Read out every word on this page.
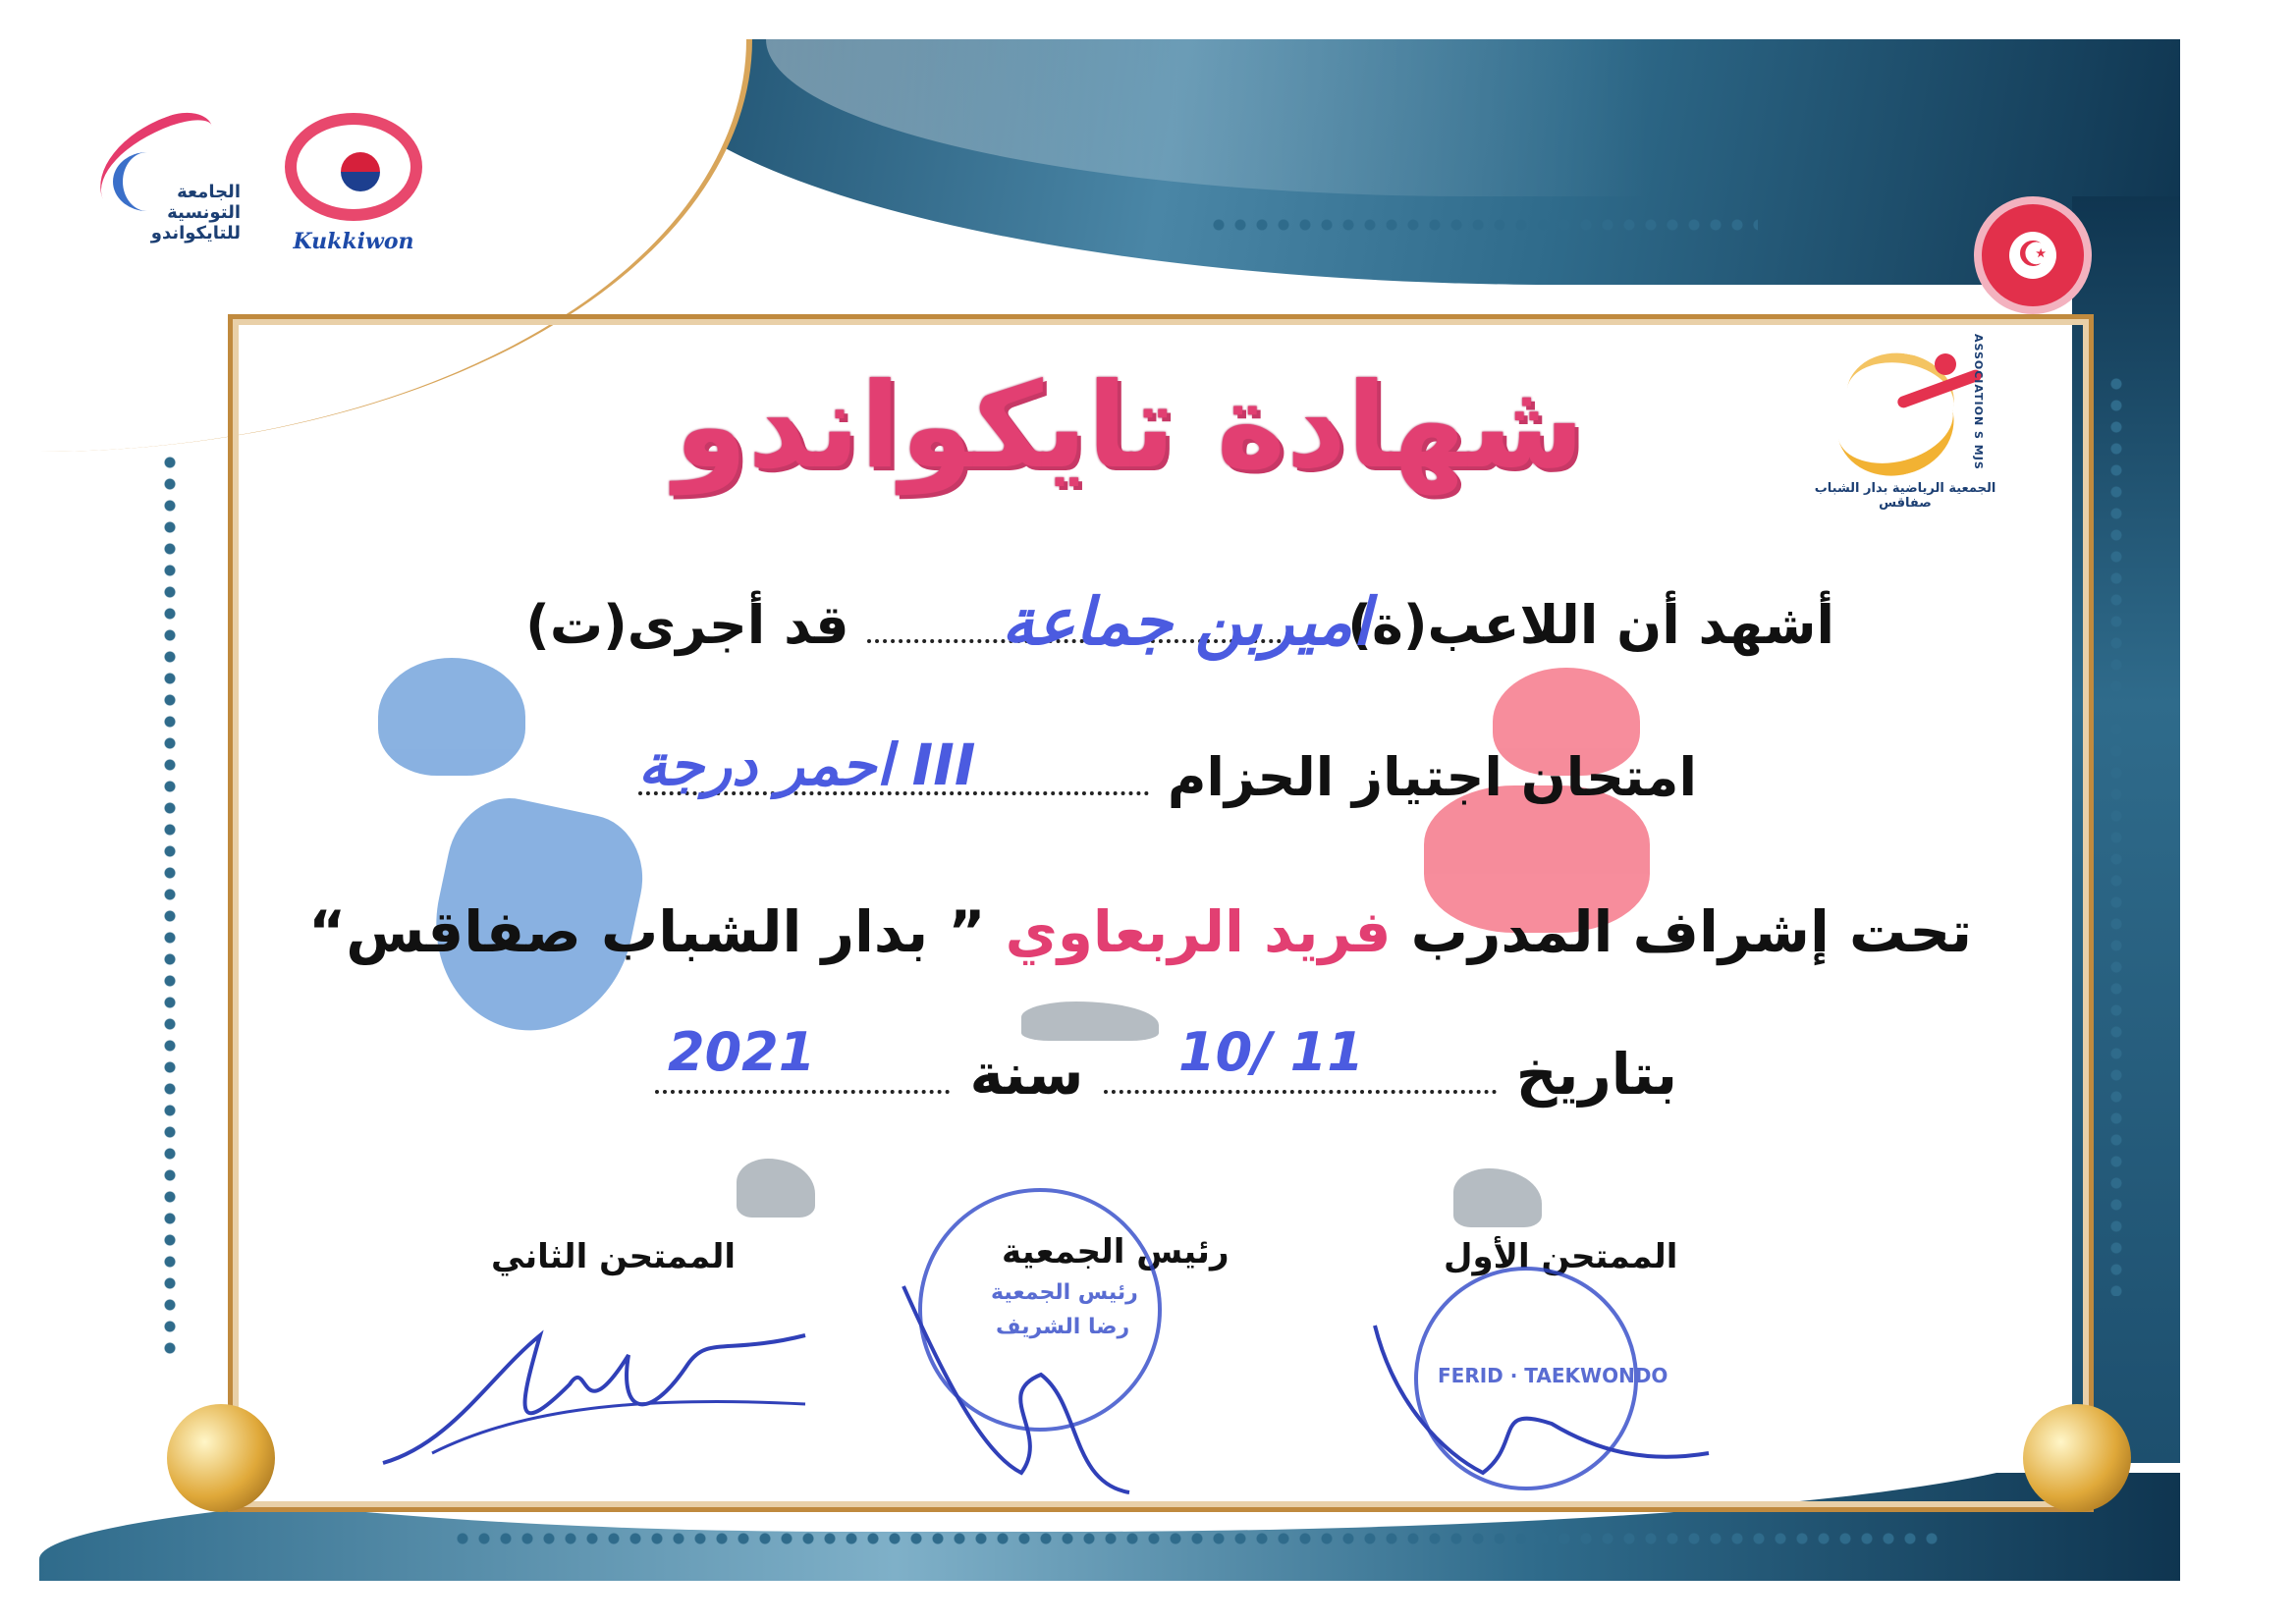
الجامعة
التونسية
للتايكواندو	Kukkiwon	☪
ASSOCIATION S MJS
الجمعية الرياضية بدار الشباب صفاقس
شهادة تايكواندو
أشهد أن اللاعب(ة)  قد أجرى(ت)	اميربن جماعة
امتحان اجتياز الحزام
احمر درجة III
تحت إشراف المدرب فريد الربعاوي ” بدار الشباب صفاقس“
بتاريخ  سنة	10/ 11
2021
الممتحن الأول
رئيس الجمعية
الممتحن الثاني
رئيس الجمعية
رضا الشريف
FERID · TAEKWONDO
